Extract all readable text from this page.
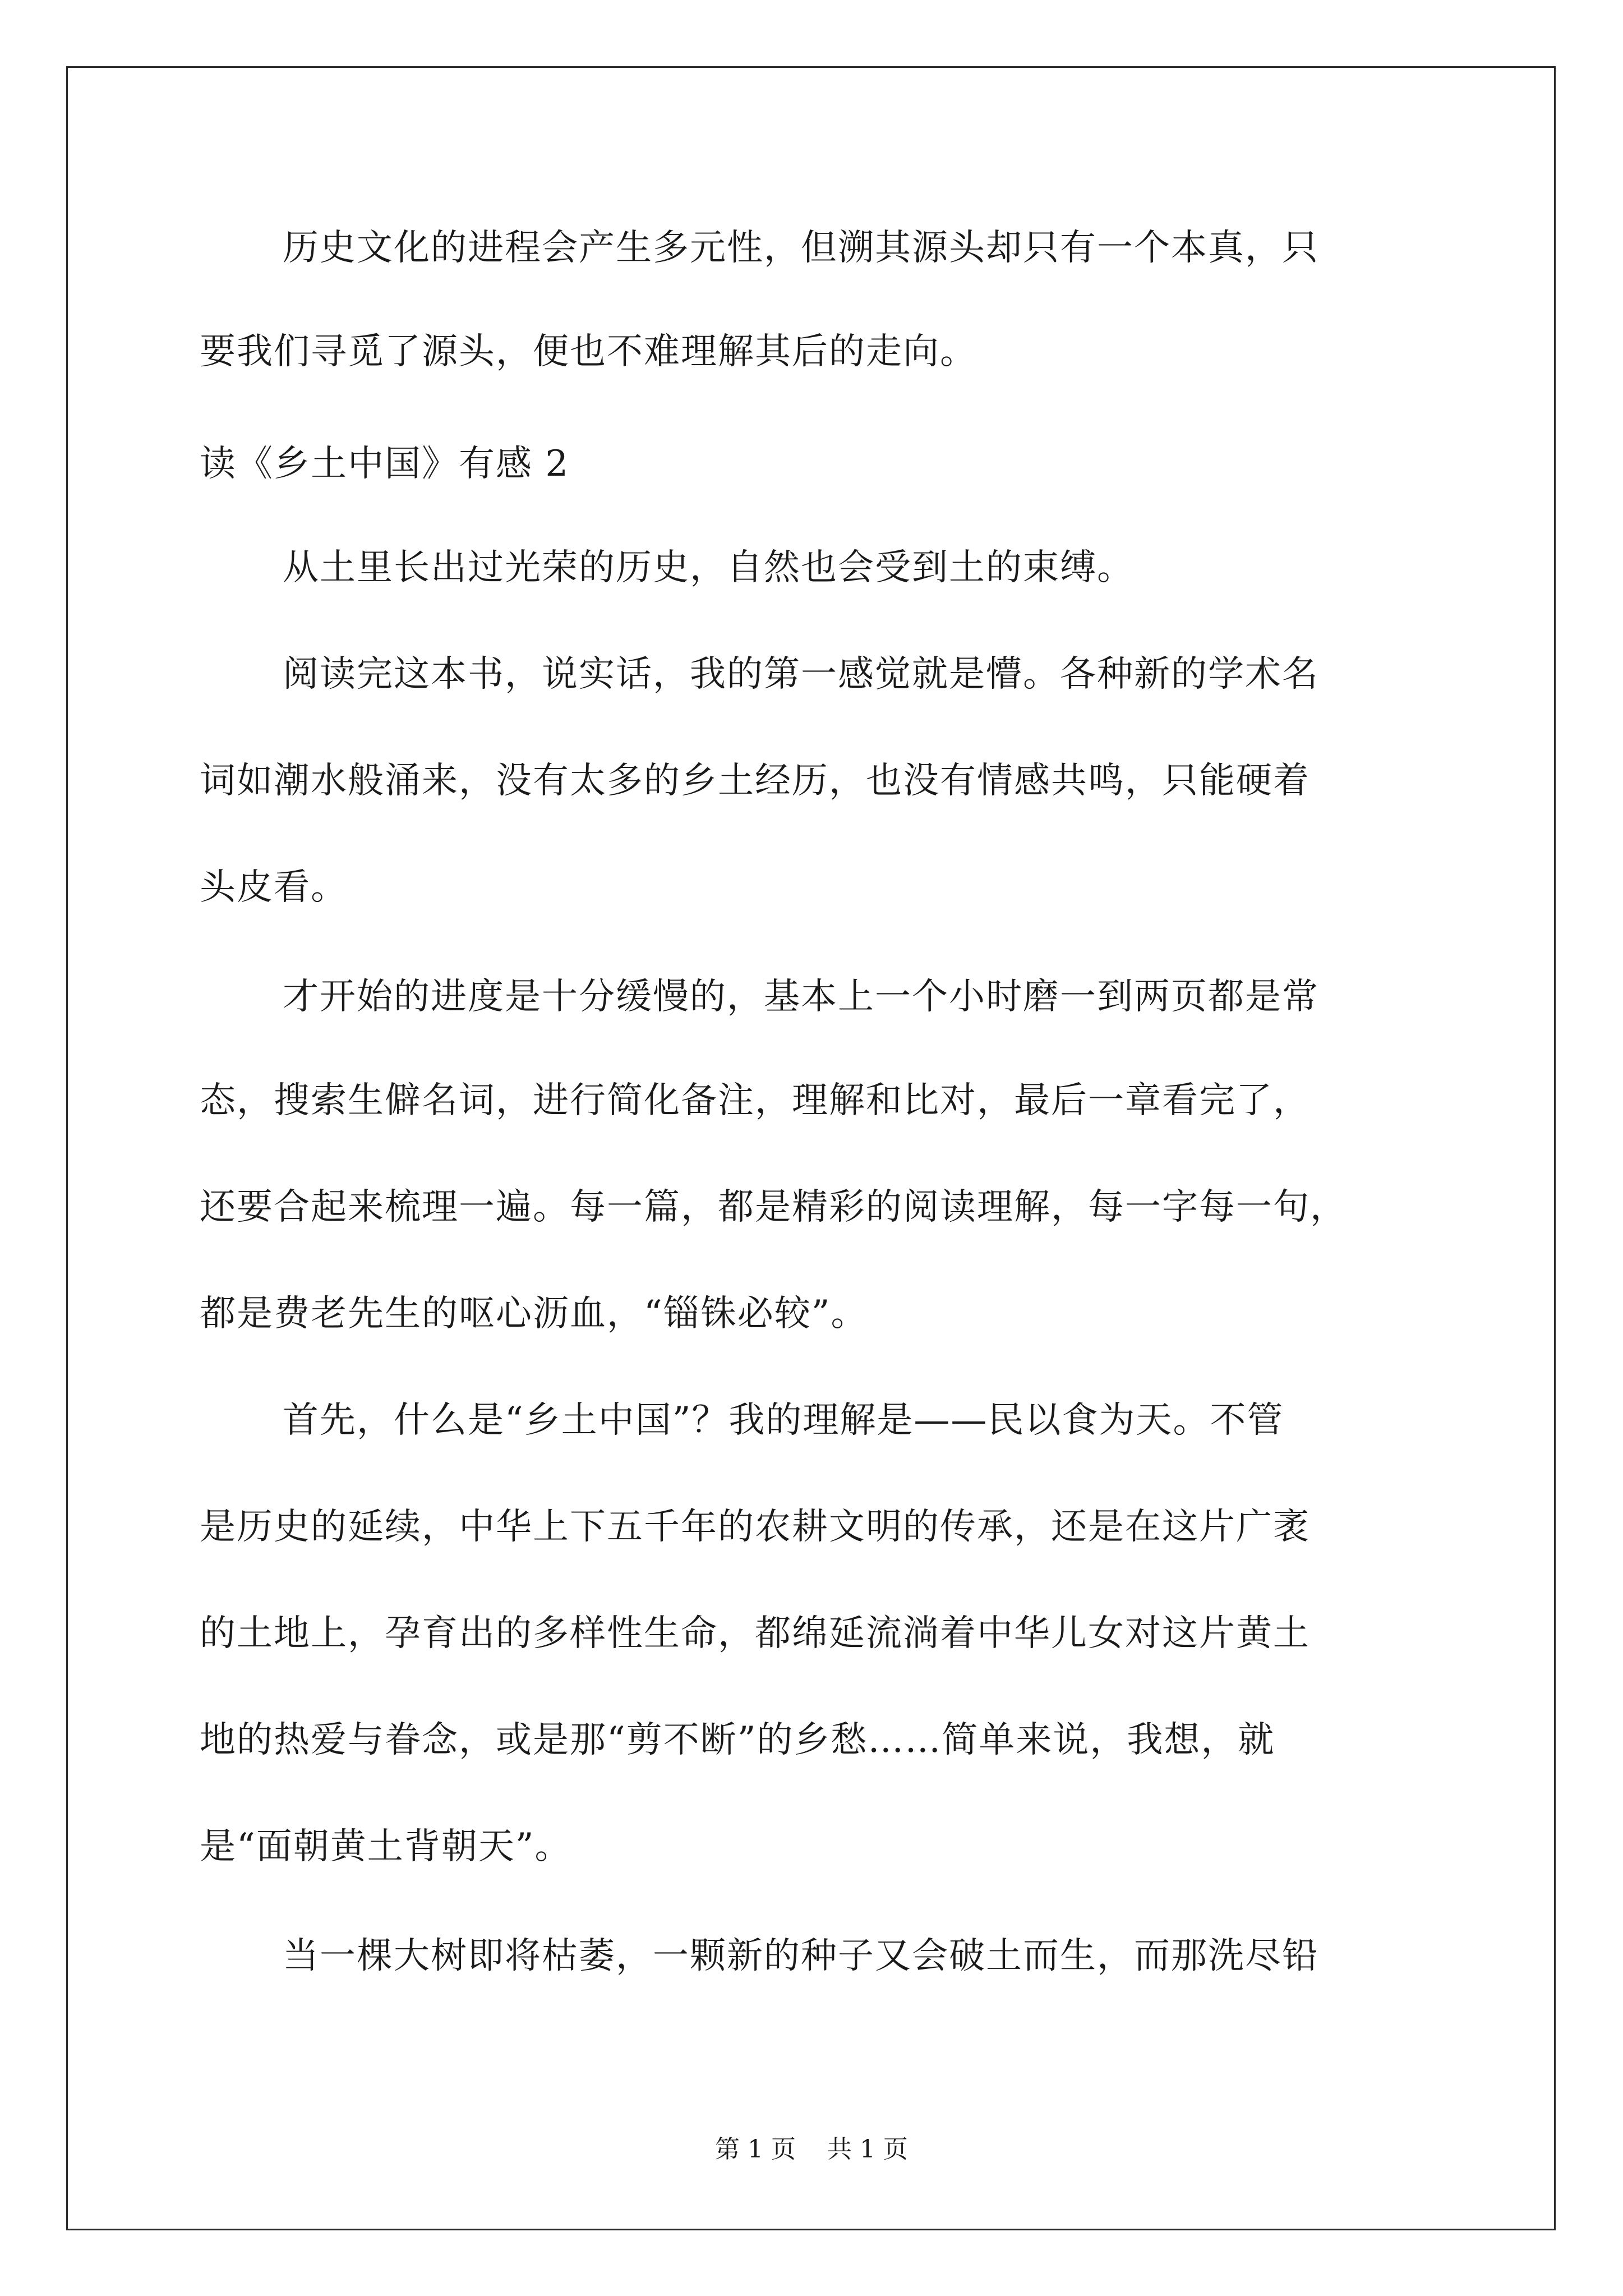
历史文化的进程会产生多元性，但溯其源头却只有一个本真，只
要我们寻觅了源头，便也不难理解其后的走向。
读《乡土中国》有感 2
从土里长出过光荣的历史，自然也会受到土的束缚。
阅读完这本书，说实话，我的第一感觉就是懵。各种新的学术名
词如潮水般涌来，没有太多的乡土经历，也没有情感共鸣，只能硬着
头皮看。
才开始的进度是十分缓慢的，基本上一个小时磨一到两页都是常
态，搜索生僻名词，进行简化备注，理解和比对，最后一章看完了，
还要合起来梳理一遍。每一篇，都是精彩的阅读理解，每一字每一句，
都是费老先生的呕心沥血，“锱铢必较”。
首先，什么是“乡土中国”？我的理解是——民以食为天。不管
是历史的延续，中华上下五千年的农耕文明的传承，还是在这片广袤
的土地上，孕育出的多样性生命，都绵延流淌着中华儿女对这片黄土
地的热爱与眷念，或是那“剪不断”的乡愁……简单来说，我想，就
是“面朝黄土背朝天”。
当一棵大树即将枯萎，一颗新的种子又会破土而生，而那洗尽铅
第 1 页    共 1 页
